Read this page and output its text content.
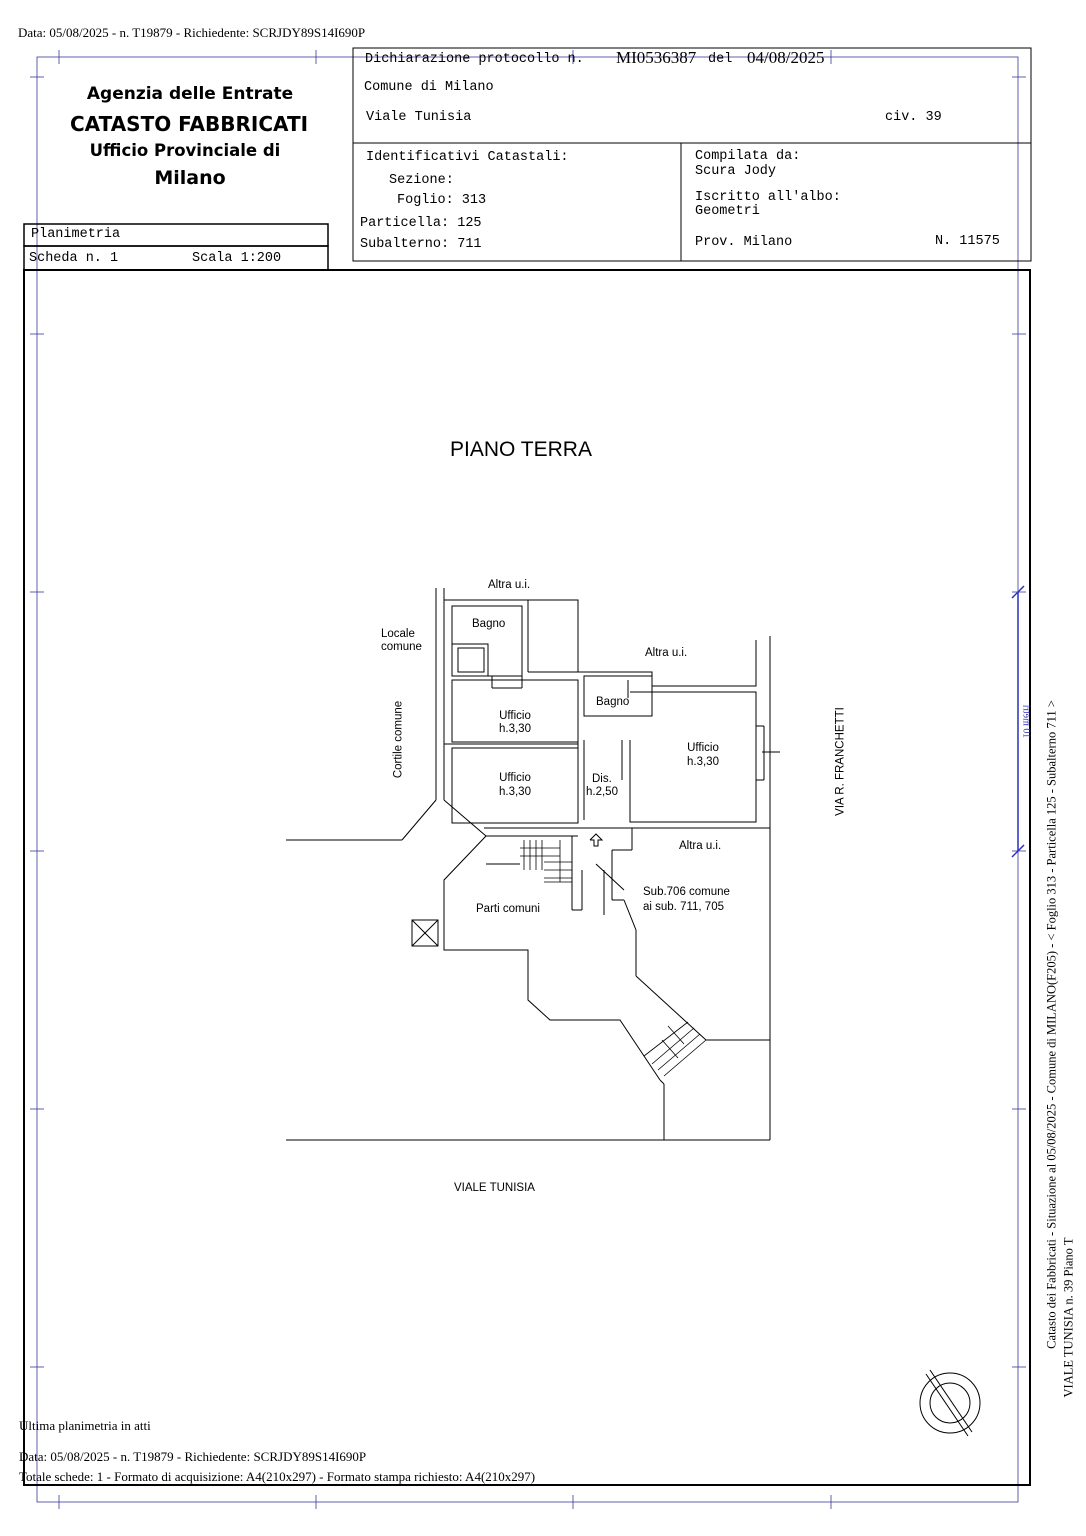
Data: 05/08/2025 - n. T19879 - Richiedente: SCRJDY89S14I690P
Agenzia delle Entrate
CATASTO FABBRICATI
Ufficio Provinciale di
Milano
Dichiarazione protocollo n. MI0536387 del 04/08/2025
Comune di Milano
Viale Tunisia	civ. 39
Identificativi Catastali:
Sezione:
Foglio: 313
Particella: 125
Subalterno: 711
Compilata da:
Scura Jody
Iscritto all'albo:
Geometri
Prov. Milano	N. 11575
Planimetria
Scheda n. 1	Scala 1:200
PIANO TERRA
Altra u.i.
Bagno
Locale
comune	Altra u.i.
Bagno
Ufficio
h.3,30
Ufficio
h.3,30
Ufficio
h.3,30
Dis.
h.2,50
Cortile comune	VIA R. FRANCHETTI
Altra u.i.
Sub.706 comune
ai sub. 711, 705
Parti comuni
VIALE TUNISIA	Catasto dei Fabbricati - Situazione al 05/08/2025 - Comune di MILANO(F205) - < Foglio 313 - Particella 125 - Subalterno 711 > VIALE TUNISIA n. 39 Piano T
10 metri
Ultima planimetria in atti
Data: 05/08/2025 - n. T19879 - Richiedente: SCRJDY89S14I690P
Totale schede: 1 - Formato di acquisizione: A4(210x297) - Formato stampa richiesto: A4(210x297)
